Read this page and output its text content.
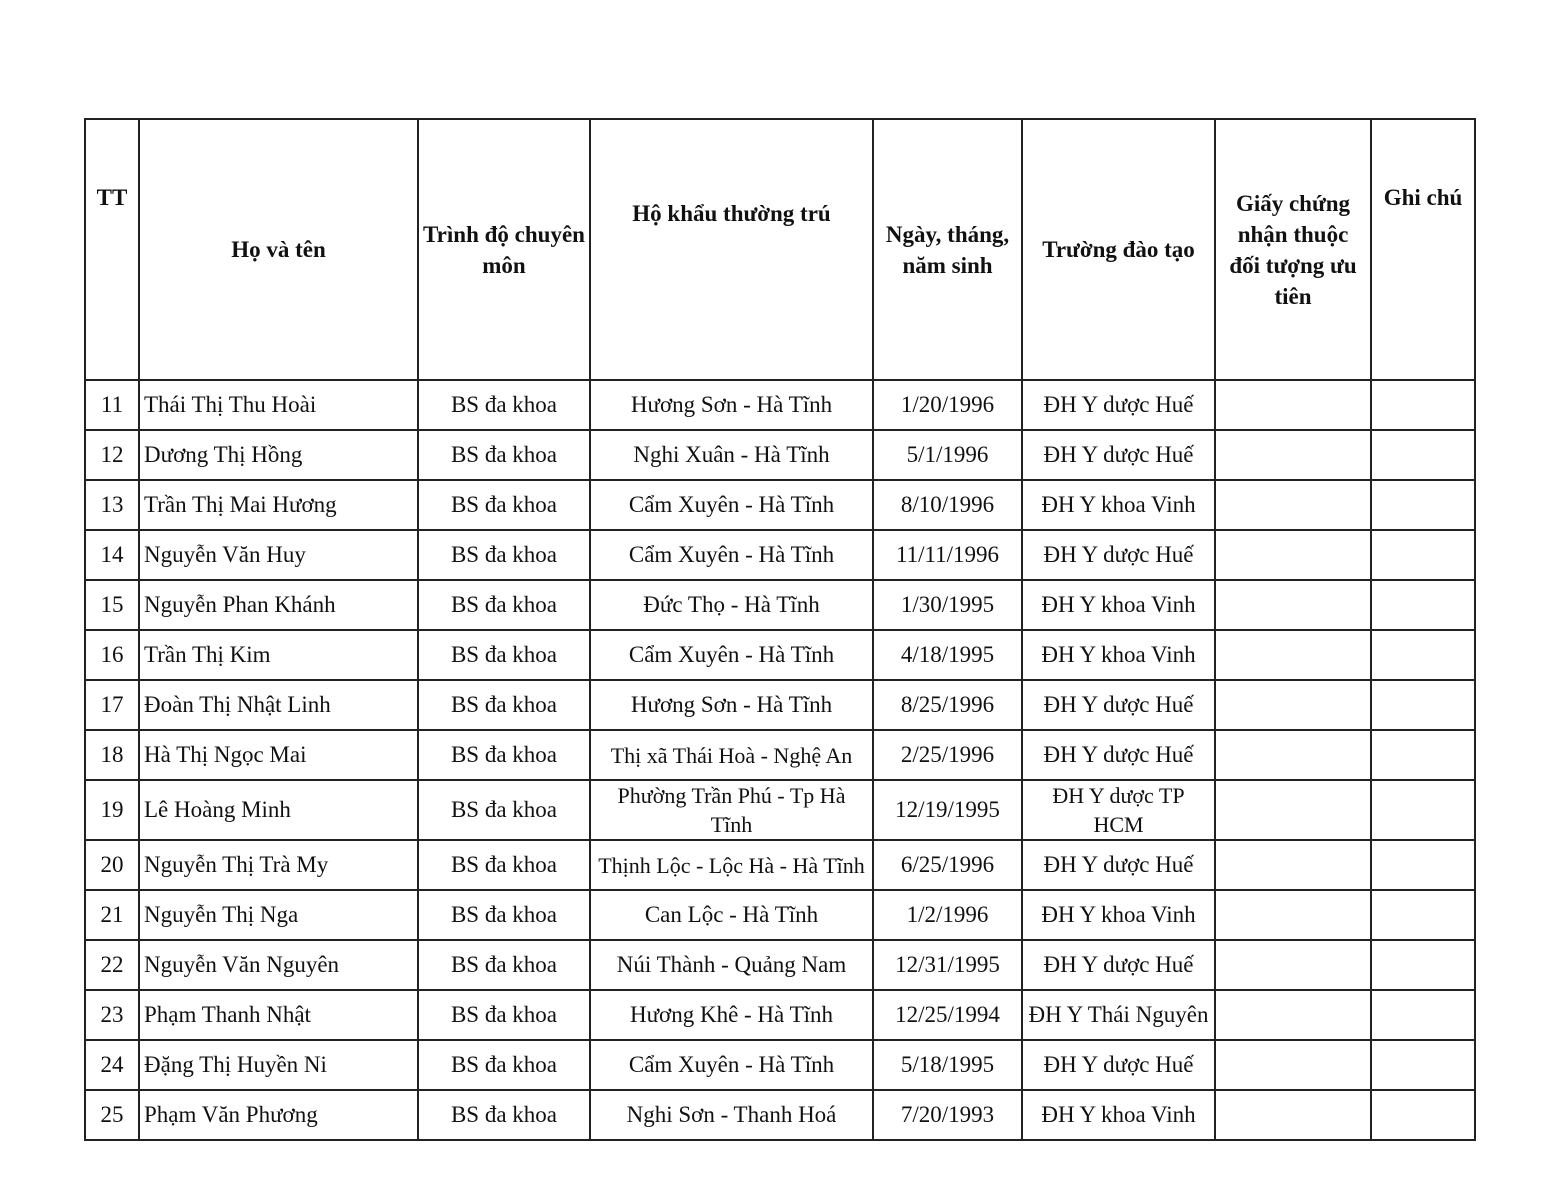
TT	Họ và tên	Trình độ chuyên môn	Hộ khẩu thường trú	Ngày, tháng, năm sinh	Trường đào tạo	Giấy chứng nhận thuộc đối tượng ưu tiên	Ghi chú
11	Thái Thị Thu Hoài	BS đa khoa	Hương Sơn - Hà Tĩnh	1/20/1996	ĐH Y dược Huế		
12	Dương Thị Hồng	BS đa khoa	Nghi Xuân - Hà Tĩnh	5/1/1996	ĐH Y dược Huế		
13	Trần Thị Mai Hương	BS đa khoa	Cẩm Xuyên - Hà Tĩnh	8/10/1996	ĐH Y khoa Vinh		
14	Nguyễn Văn Huy	BS đa khoa	Cẩm Xuyên - Hà Tĩnh	11/11/1996	ĐH Y dược Huế		
15	Nguyễn Phan Khánh	BS đa khoa	Đức Thọ - Hà Tĩnh	1/30/1995	ĐH Y khoa Vinh		
16	Trần Thị Kim	BS đa khoa	Cẩm Xuyên - Hà Tĩnh	4/18/1995	ĐH Y khoa Vinh		
17	Đoàn Thị Nhật Linh	BS đa khoa	Hương Sơn - Hà Tĩnh	8/25/1996	ĐH Y dược Huế		
18	Hà Thị Ngọc Mai	BS đa khoa	Thị xã Thái Hoà - Nghệ An	2/25/1996	ĐH Y dược Huế		
19	Lê Hoàng Minh	BS đa khoa	Phường Trần Phú - Tp Hà Tĩnh	12/19/1995	ĐH Y dược TP HCM		
20	Nguyễn Thị Trà My	BS đa khoa	Thịnh Lộc - Lộc Hà - Hà Tĩnh	6/25/1996	ĐH Y dược Huế		
21	Nguyễn Thị Nga	BS đa khoa	Can Lộc - Hà Tĩnh	1/2/1996	ĐH Y khoa Vinh		
22	Nguyễn Văn Nguyên	BS đa khoa	Núi Thành - Quảng Nam	12/31/1995	ĐH Y dược Huế		
23	Phạm Thanh Nhật	BS đa khoa	Hương Khê - Hà Tĩnh	12/25/1994	ĐH Y Thái Nguyên		
24	Đặng Thị Huyền Ni	BS đa khoa	Cẩm Xuyên - Hà Tĩnh	5/18/1995	ĐH Y dược Huế		
25	Phạm Văn Phương	BS đa khoa	Nghi Sơn - Thanh Hoá	7/20/1993	ĐH Y khoa Vinh		
